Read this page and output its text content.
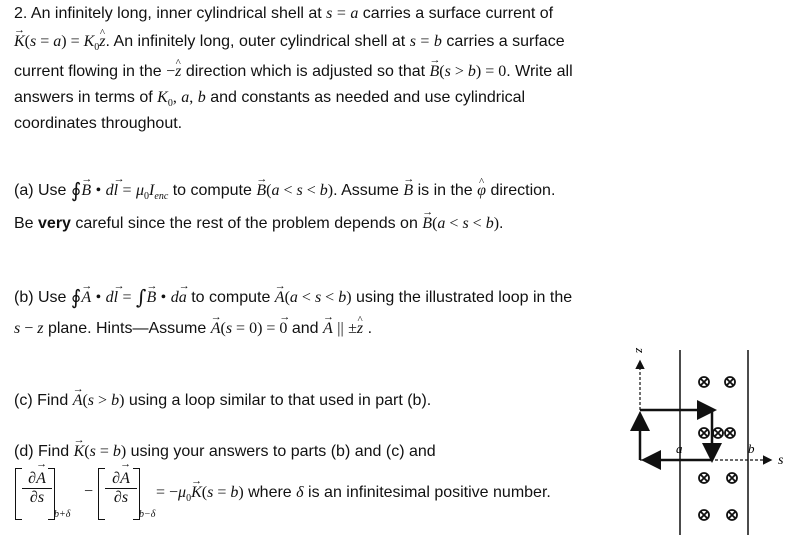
2. An infinitely long, inner cylindrical shell at s = a carries a surface current of
→ $K(s = a) = K_0\^{}$ z. An infinitely long, outer cylindrical shell at s = b carries a surface
current flowing in the −^ z direction which is adjusted so that → B(s > b) = 0. Write all
answers in terms of $K_0$, a, b and constants as needed and use cylindrical
coordinates throughout.
(a) Use ∮→ B • $d\to l = \mu_0I_{enc}$ to compute → B(a < s < b). Assume → B is in the ^ φ direction.
Be very careful since the rest of the problem depends on → B(a < s < b).
(b) Use ∮→ A • d→ l = ∫→ B • d→ a to compute → A(a < s < b) using the illustrated loop in the
s − z plane. Hints—Assume → A(s = 0) = → 0 and → A || ±^ z .
(c) Find → A(s > b) using a loop similar to that used in part (b).
(d) Find → K(s = b) using your answers to parts (b) and (c) and
$\frac{\partial\to A}{\partial s}$
b+δ
− $\frac{\partial\to A}{\partial s}$
b−δ
= $-\mu_0\to K(s = b)$ where δ is an infinitesimal positive number.
z
s
a	b
